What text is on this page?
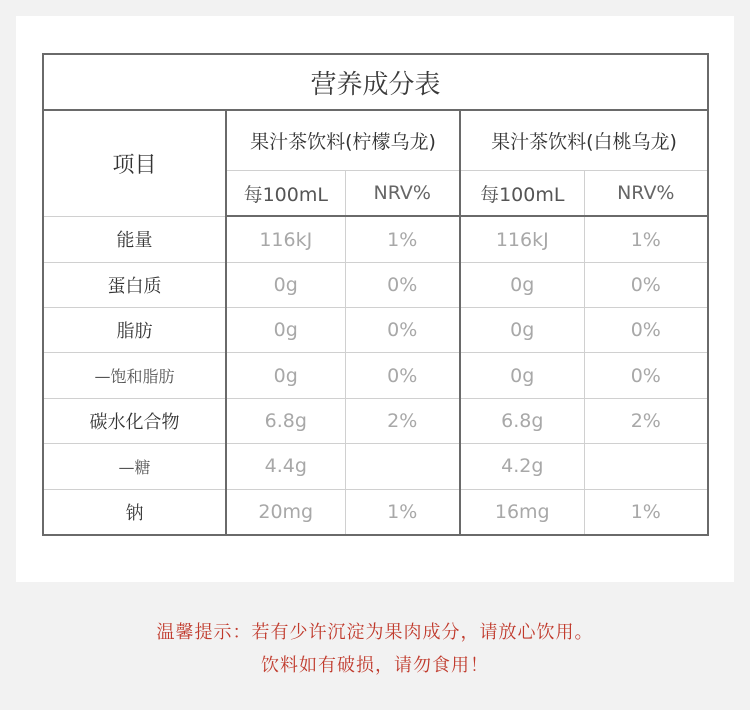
营养成分表				
项目	果汁茶饮料(柠檬乌龙)		果汁茶饮料(白桃乌龙)	
	每100mL	NRV%	每100mL	NRV%
能量	116kJ	1%	116kJ	1%
蛋白质	0g	0%	0g	0%
脂肪	0g	0%	0g	0%
—饱和脂肪	0g	0%	0g	0%
碳水化合物	6.8g	2%	6.8g	2%
—糖	4.4g		4.2g	
钠	20mg	1%	16mg	1%
温馨提示：若有少许沉淀为果肉成分，请放心饮用。
饮料如有破损，请勿食用！
